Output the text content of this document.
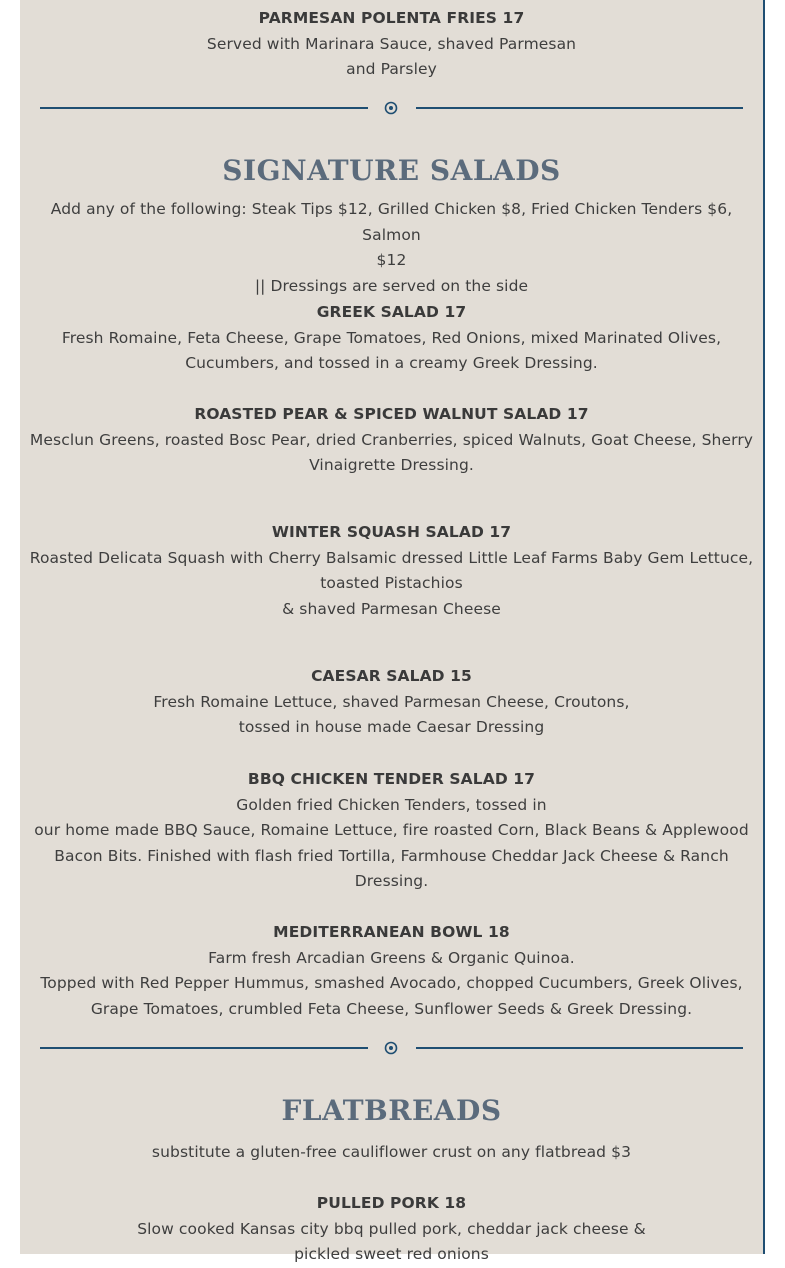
PARMESAN POLENTA FRIES 17

Served with Marinara Sauce, shaved Parmesan

and Parsley

SIGNATURE SALADS

Add any of the following: Steak Tips $12, Grilled Chicken $8, Fried Chicken Tenders $6, Salmon

$12

|| Dressings are served on the side

GREEK SALAD 17

Fresh Romaine, Feta Cheese, Grape Tomatoes, Red Onions, mixed Marinated Olives,

Cucumbers, and tossed in a creamy Greek Dressing.

ROASTED PEAR & SPICED WALNUT SALAD 17

Mesclun Greens, roasted Bosc Pear, dried Cranberries, spiced Walnuts, Goat Cheese, Sherry

Vinaigrette Dressing.

WINTER SQUASH SALAD 17

Roasted Delicata Squash with Cherry Balsamic dressed Little Leaf Farms Baby Gem Lettuce,

toasted Pistachios

& shaved Parmesan Cheese

CAESAR SALAD 15

Fresh Romaine Lettuce, shaved Parmesan Cheese, Croutons,

tossed in house made Caesar Dressing

BBQ CHICKEN TENDER SALAD 17

Golden fried Chicken Tenders, tossed in

our home made BBQ Sauce, Romaine Lettuce, fire roasted Corn, Black Beans & Applewood

Bacon Bits. Finished with flash fried Tortilla, Farmhouse Cheddar Jack Cheese & Ranch

Dressing.

MEDITERRANEAN BOWL 18

Farm fresh Arcadian Greens & Organic Quinoa.

Topped with Red Pepper Hummus, smashed Avocado, chopped Cucumbers, Greek Olives,

Grape Tomatoes, crumbled Feta Cheese, Sunflower Seeds & Greek Dressing.

FLATBREADS

substitute a gluten-free cauliflower crust on any flatbread $3

PULLED PORK 18

Slow cooked Kansas city bbq pulled pork, cheddar jack cheese &

pickled sweet red onions
